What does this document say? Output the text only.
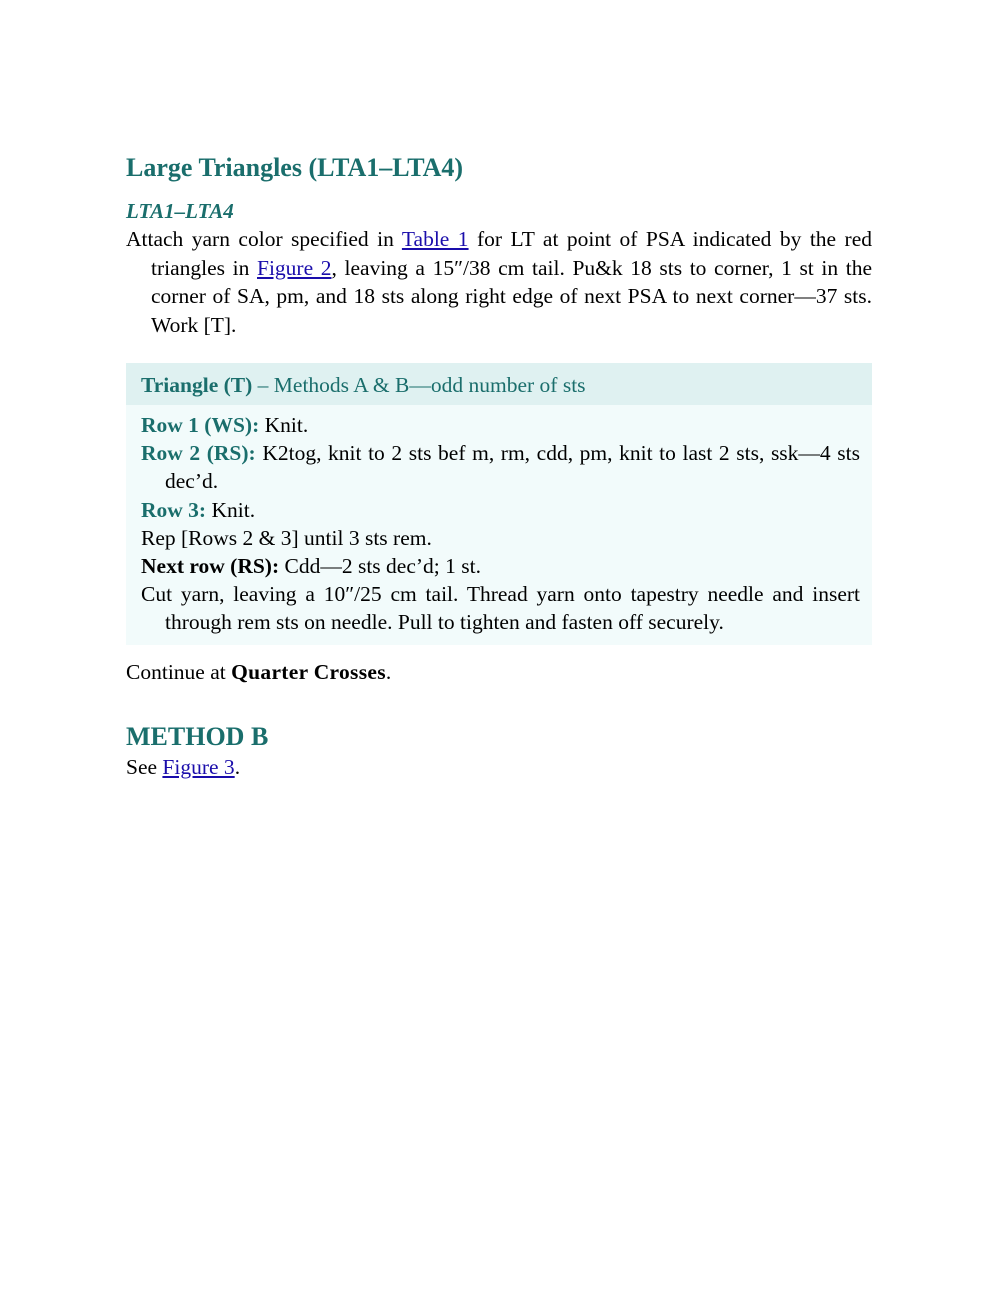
Large Triangles (LTA1–LTA4)
LTA1–LTA4

Attach yarn color specified in Table 1 for LT at point of PSA indicated by the red triangles in Figure 2, leaving a 15″/38 cm tail. Pu&k 18 sts to corner, 1 st in the corner of SA, pm, and 18 sts along right edge of next PSA to next corner—37 sts. Work [T].

Triangle (T) – Methods A & B—odd number of sts

Row 1 (WS): Knit.

Row 2 (RS): K2tog, knit to 2 sts bef m, rm, cdd, pm, knit to last 2 sts, ssk—4 sts dec’d.

Row 3: Knit.

Rep [Rows 2 & 3] until 3 sts rem.

Next row (RS): Cdd—2 sts dec’d; 1 st.

Cut yarn, leaving a 10″/25 cm tail. Thread yarn onto tapestry needle and insert through rem sts on needle. Pull to tighten and fasten off securely.

Continue at Quarter Crosses.

METHOD B

See Figure 3.
